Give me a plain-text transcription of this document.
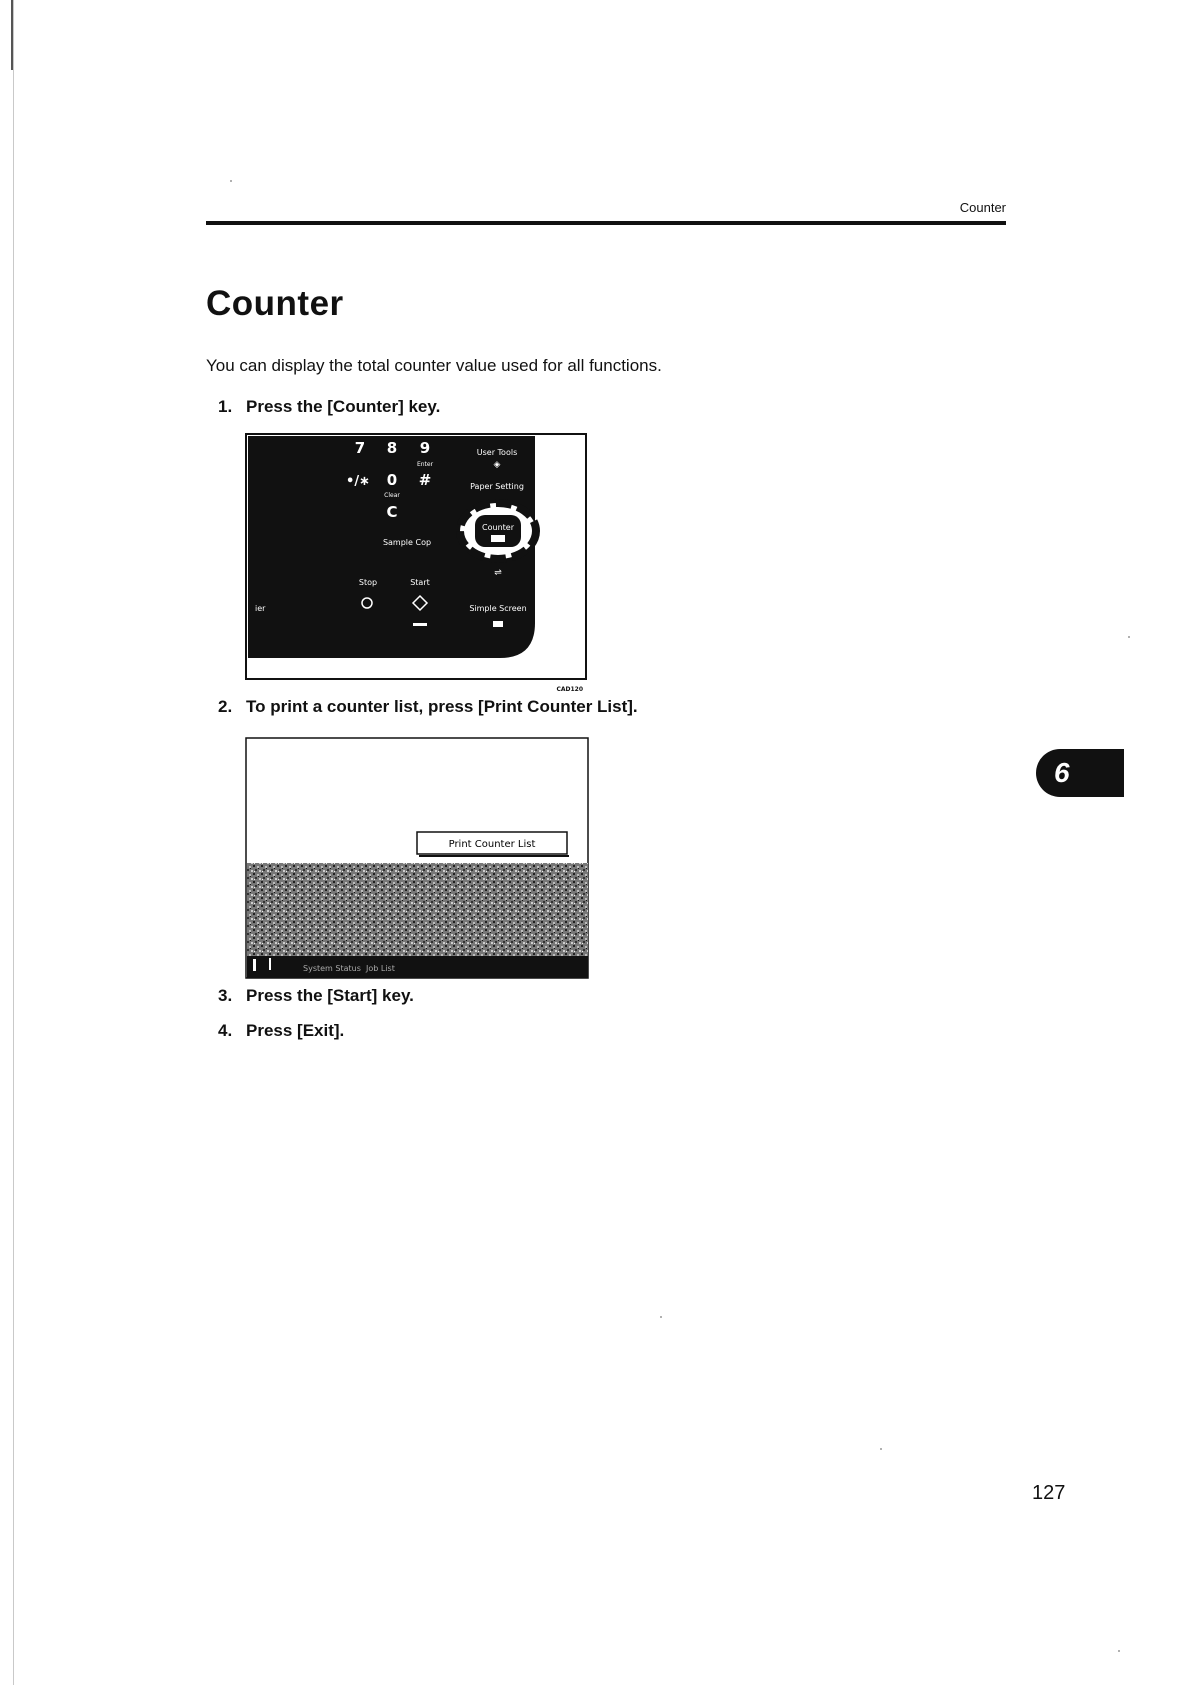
Counter
Counter
You can display the total counter value used for all functions.
1. Press the [Counter] key.
7 8 9
Enter
•/∗ 0 #
Clear
C
User Tools
◈
Paper Setting
Sample Cop
Stop	Start
Simple Screen
ier
⇌
Counter
CAD120
2. To print a counter list, press [Print Counter List].
Print Counter List
System Status Job List
3. Press the [Start] key.
4. Press [Exit].
6
127
